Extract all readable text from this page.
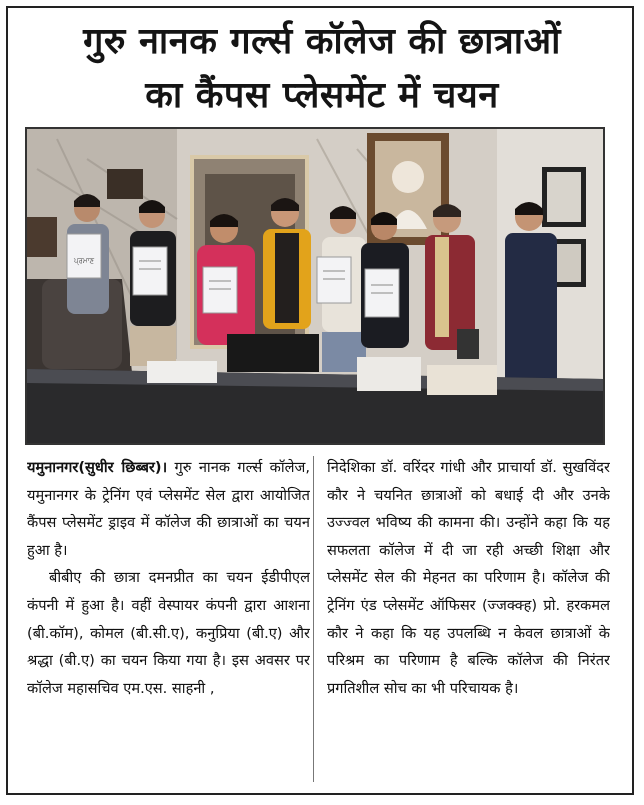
गुरु नानक गर्ल्स कॉलेज की छात्राओं
का कैंपस प्लेसमेंट में चयन
ਪ੍ਰਮਾਣ

यमुनानगर(सुधीर छिब्बर)। गुरु नानक गर्ल्स कॉलेज, यमुनानगर के ट्रेनिंग एवं प्लेसमेंट सेल द्वारा आयोजित कैंपस प्लेसमेंट ड्राइव में कॉलेज की छात्राओं का चयन हुआ है।

बीबीए की छात्रा दमनप्रीत का चयन ईडीपीएल कंपनी में हुआ है। वहीं वेस्पायर कंपनी द्वारा आशना (बी.कॉम), कोमल (बी.सी.ए), कनुप्रिया (बी.ए) और श्रद्धा (बी.ए) का चयन किया गया है। इस अवसर पर कॉलेज महासचिव एम.एस. साहनी ,

निदेशिका डॉ. वरिंदर गांधी और प्राचार्या डॉ. सुखविंदर कौर ने चयनित छात्राओं को बधाई दी और उनके उज्ज्वल भविष्य की कामना की। उन्होंने कहा कि यह सफलता कॉलेज में दी जा रही अच्छी शिक्षा और प्लेसमेंट सेल की मेहनत का परिणाम है। कॉलेज की ट्रेनिंग एंड प्लेसमेंट ऑफिसर (ज्जक्क्ह) प्रो. हरकमल कौर ने कहा कि यह उपलब्धि न केवल छात्राओं के परिश्रम का परिणाम है बल्कि कॉलेज की निरंतर प्रगतिशील सोच का भी परिचायक है।
